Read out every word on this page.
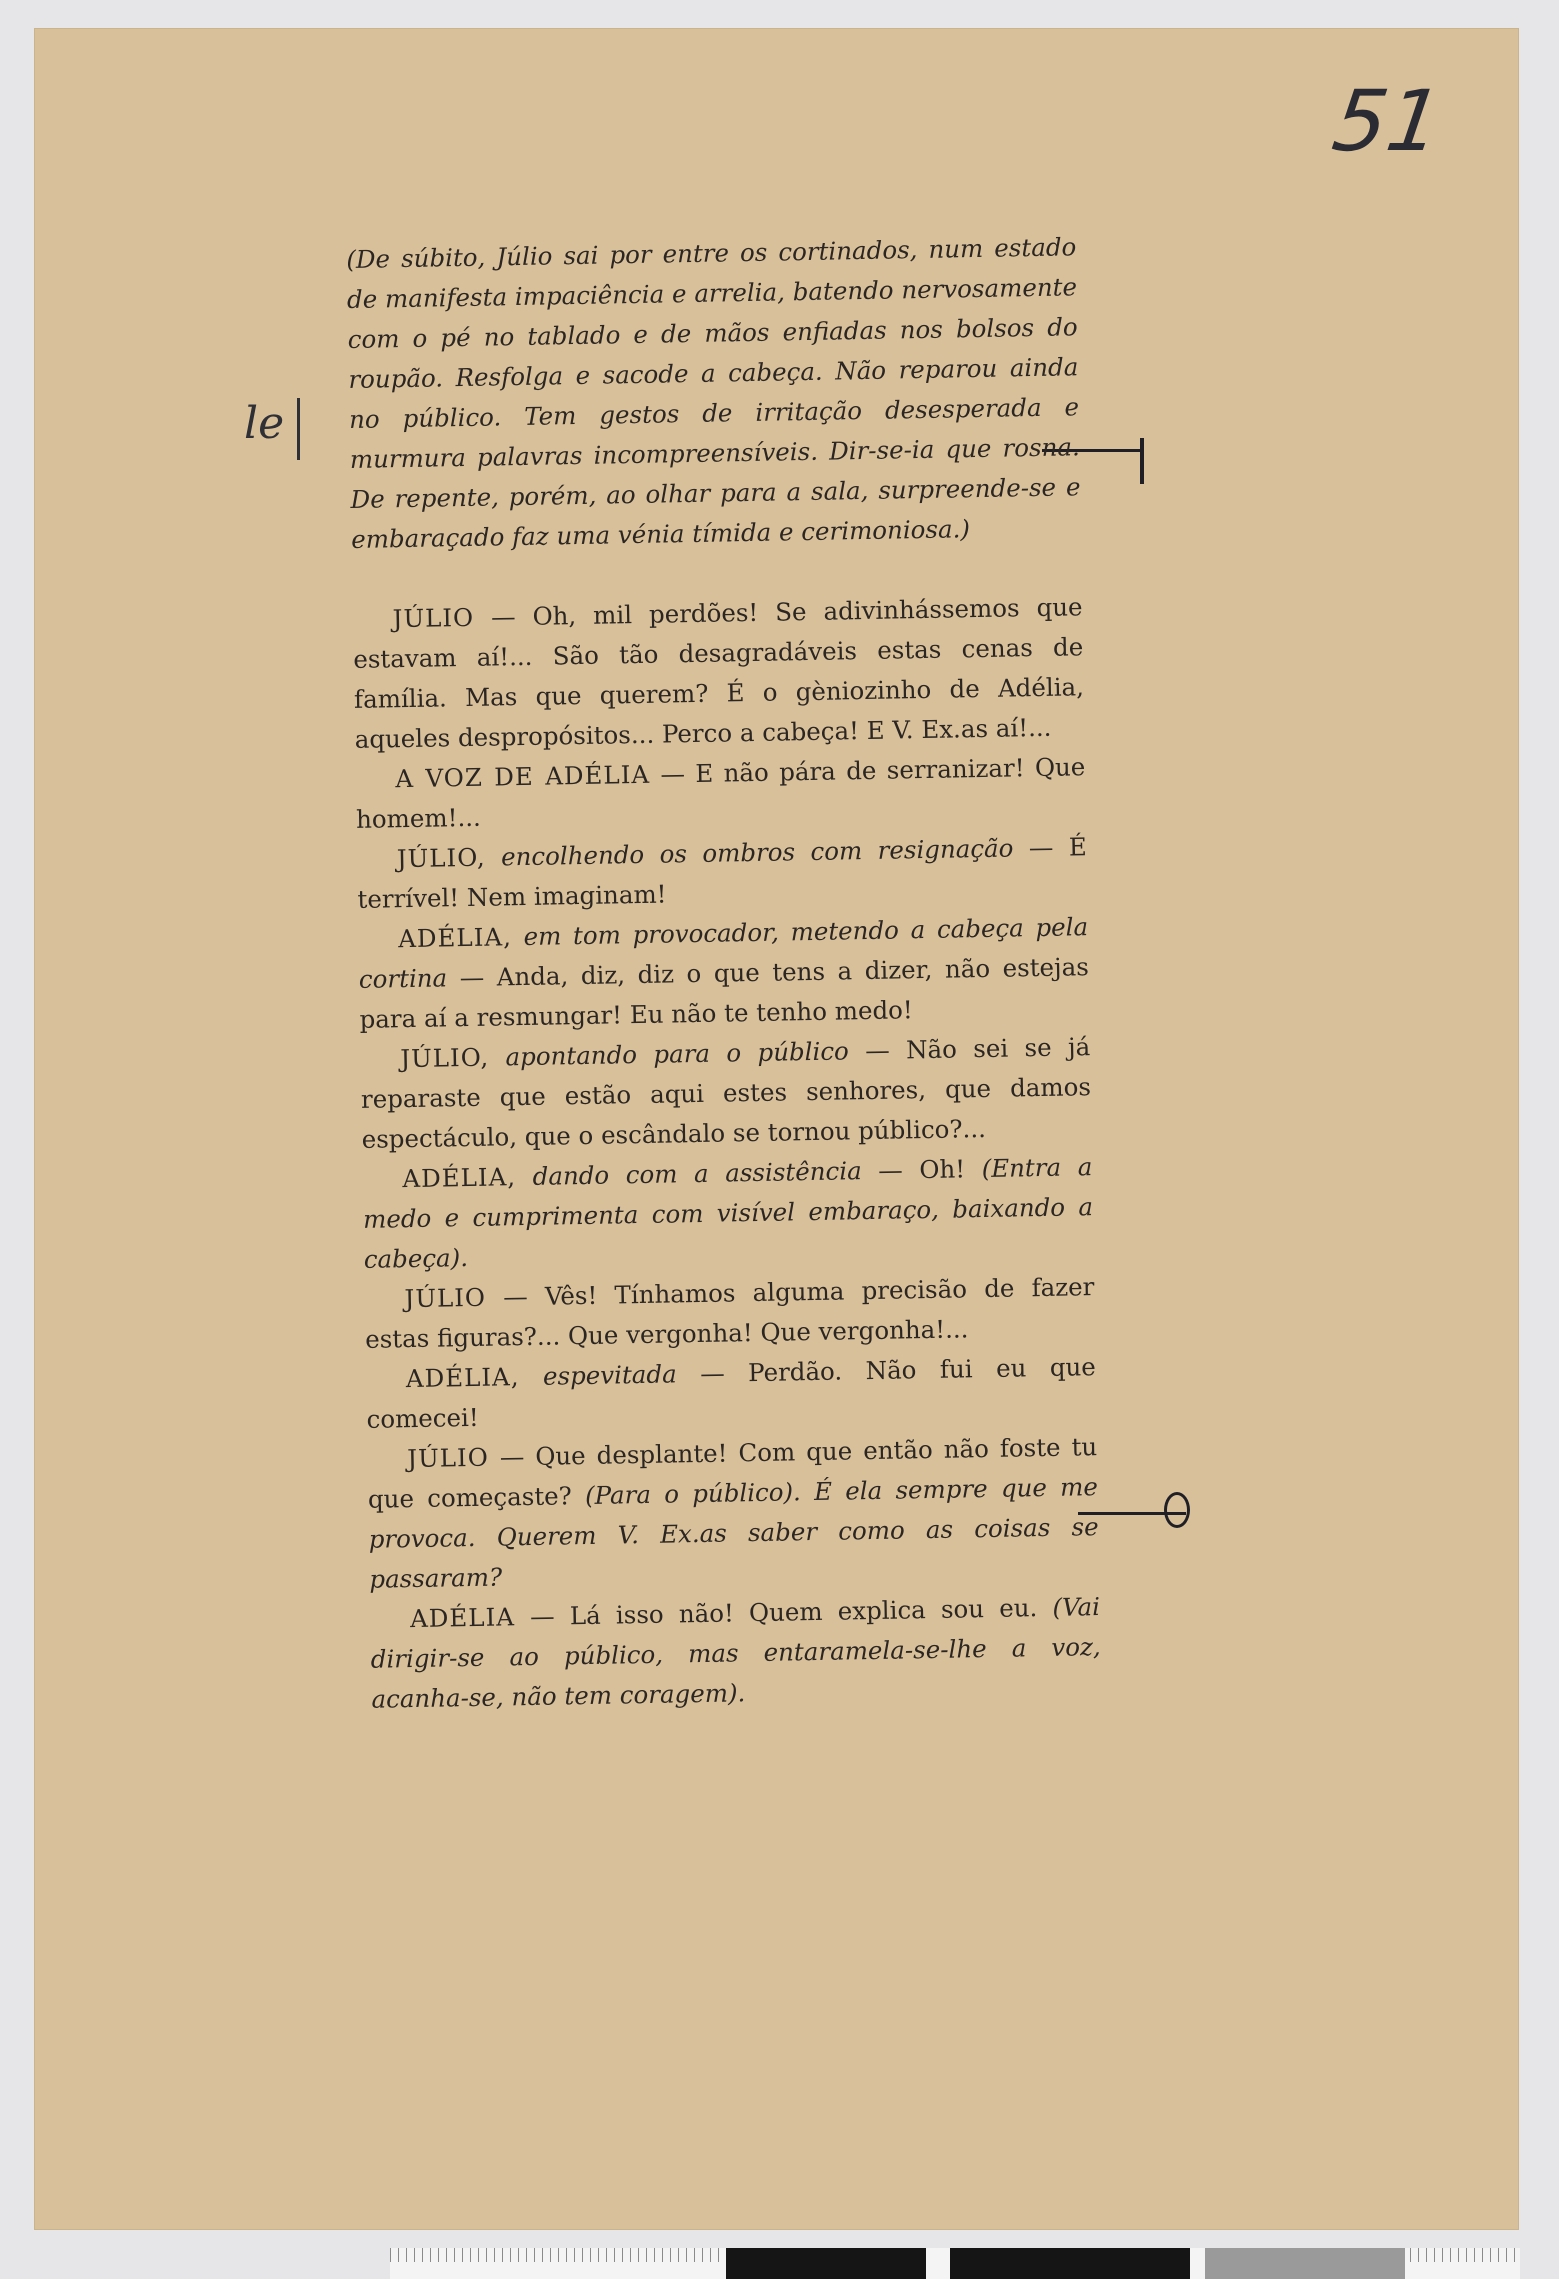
51
le

(De súbito, Júlio sai por entre os cortinados, num estado de manifesta impaciência e arrelia, batendo nervosamente com o pé no tablado e de mãos enfiadas nos bolsos do roupão. Resfolga e sacode a cabeça. Não reparou ainda no público. Tem gestos de irritação desesperada e murmura palavras incompreensíveis. Dir-se-ia que rosna. De repente, porém, ao olhar para a sala, surpreende-se e embaraçado faz uma vénia tímida e cerimoniosa.)

JÚLIO — Oh, mil perdões! Se adivinhássemos que estavam aí!... São tão desagradáveis estas cenas de família. Mas que querem? É o gèniozinho de Adélia, aqueles despropósitos... Perco a cabeça! E V. Ex.as aí!...

A VOZ DE ADÉLIA — E não pára de serranizar! Que homem!...

JÚLIO, encolhendo os ombros com resignação — É terrível! Nem imaginam!

ADÉLIA, em tom provocador, metendo a cabeça pela cortina — Anda, diz, diz o que tens a dizer, não estejas para aí a resmungar! Eu não te tenho medo!

JÚLIO, apontando para o público — Não sei se já reparaste que estão aqui estes senhores, que damos espectáculo, que o escândalo se tornou público?...

ADÉLIA, dando com a assistência — Oh! (Entra a medo e cumprimenta com visível embaraço, baixando a cabeça).

JÚLIO — Vês! Tínhamos alguma precisão de fazer estas figuras?... Que vergonha! Que vergonha!...

ADÉLIA, espevitada — Perdão. Não fui eu que comecei!

JÚLIO — Que desplante! Com que então não foste tu que começaste? (Para o público). É ela sempre que me provoca. Querem V. Ex.as saber como as coisas se passaram?

ADÉLIA — Lá isso não! Quem explica sou eu. (Vai dirigir-se ao público, mas entaramela-se-lhe a voz, acanha-se, não tem coragem).
